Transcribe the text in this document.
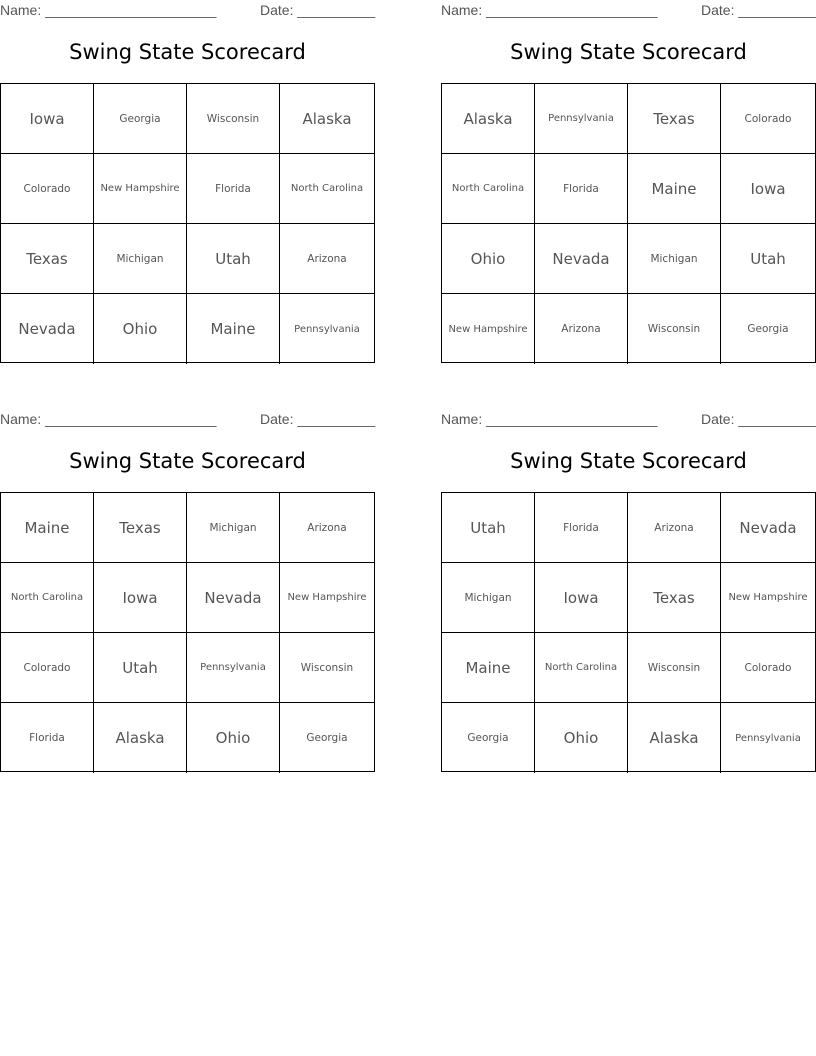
Name: ______________________	Date: __________
Swing State Scorecard
Iowa	Georgia	Wisconsin	Alaska
Colorado	New Hampshire	Florida	North Carolina
Texas	Michigan	Utah	Arizona
Nevada	Ohio	Maine	Pennsylvania
Name: ______________________	Date: __________
Swing State Scorecard
Alaska	Pennsylvania	Texas	Colorado
North Carolina	Florida	Maine	Iowa
Ohio	Nevada	Michigan	Utah
New Hampshire	Arizona	Wisconsin	Georgia
Name: ______________________	Date: __________
Swing State Scorecard
Maine	Texas	Michigan	Arizona
North Carolina	Iowa	Nevada	New Hampshire
Colorado	Utah	Pennsylvania	Wisconsin
Florida	Alaska	Ohio	Georgia
Name: ______________________	Date: __________
Swing State Scorecard
Utah	Florida	Arizona	Nevada
Michigan	Iowa	Texas	New Hampshire
Maine	North Carolina	Wisconsin	Colorado
Georgia	Ohio	Alaska	Pennsylvania
